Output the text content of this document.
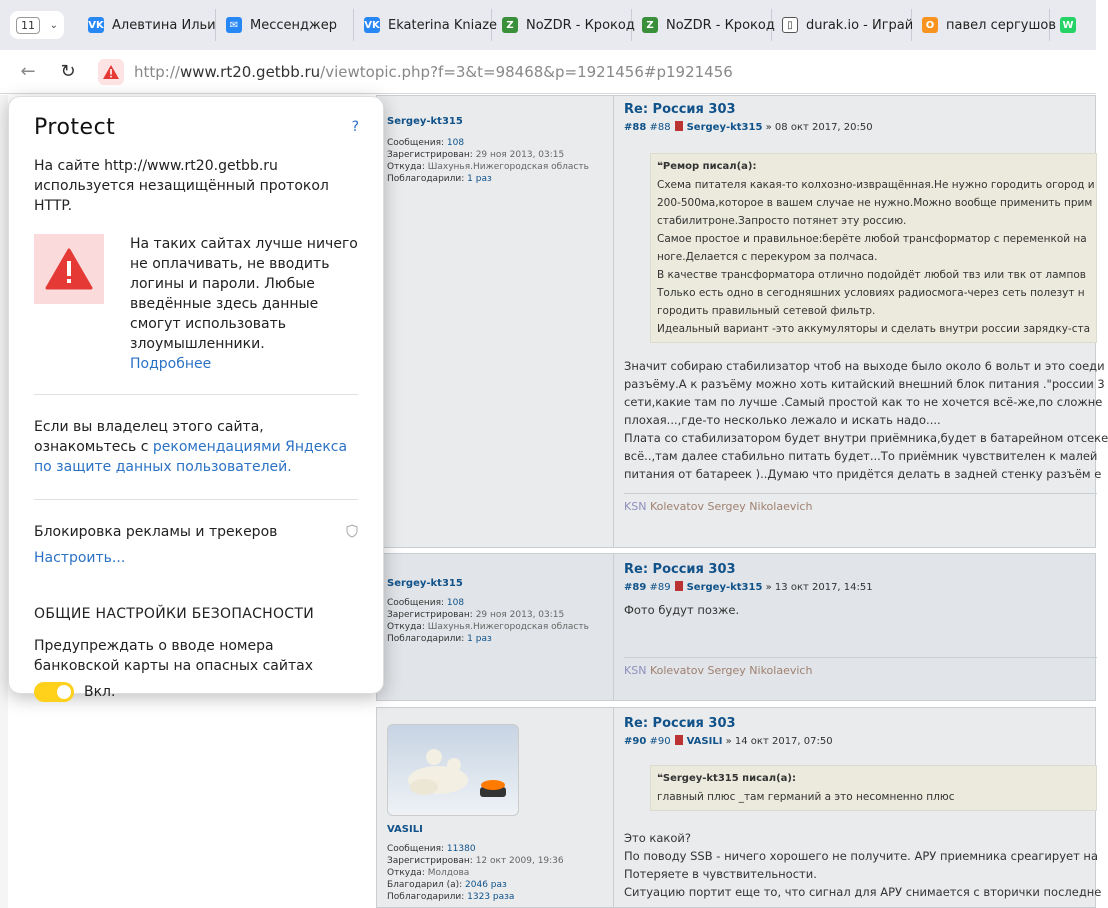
11	⌄	VK Алевтина Ильи	✉ Мессенджер	VK Ekaterina Kniaze Z NoZDR - Крокод	Z NoZDR - Крокод	▯	durak.io - Играй	О павел сергушов W
←	↻	http://www.rt20.getbb.ru/viewtopic.php?f=3&t=98468&p=1921456#p1921456
Sergey-kt315
Сообщения: 108
Зарегистрирован: 29 ноя 2013, 03:15
Откуда: Шахунья.Нижегородская область
Поблагодарили: 1 раз
Re: Россия 303
#88 #88 Sergey-kt315 » 08 окт 2017, 20:50
❝Ремор писал(а):
Схема питателя какая-то колхозно-извращённая.Не нужно городить огород и
200-500ма,которое в вашем случае не нужно.Можно вообще применить прим
стабилитроне.Запросто потянет эту россию.
Самое простое и правильное:берёте любой трансформатор с переменкой на
ноге.Делается с перекуром за полчаса.
В качестве трансформатора отлично подойдёт любой твз или твк от лампов
Только есть одно в сегодняшних условиях радиосмога-через сеть полезут н
городить правильный сетевой фильтр.
Идеальный вариант -это аккумуляторы и сделать внутри россии зарядку-ста
Значит собираю стабилизатор чтоб на выходе было около 6 вольт и это соеди
разъёму.А к разъёму можно хоть китайский внешний блок питания ."россии 3
сети,какие там по лучше .Самый простой как то не хочется всё-же,по сложне
плохая...,где-то несколько лежало и искать надо....
Плата со стабилизатором будет внутри приёмника,будет в батарейном отсеке
всё..,там далее стабильно питать будет...То приёмник чувствителен к малей
питания от батареек )..Думаю что придётся делать в задней стенку разъём е
KSN Kolevatov Sergey Nikolaevich
Sergey-kt315
Сообщения: 108
Зарегистрирован: 29 ноя 2013, 03:15
Откуда: Шахунья.Нижегородская область
Поблагодарили: 1 раз
Re: Россия 303
#89 #89 Sergey-kt315 » 13 окт 2017, 14:51
Фото будут позже.
KSN Kolevatov Sergey Nikolaevich
VASILI
Сообщения: 11380
Зарегистрирован: 12 окт 2009, 19:36
Откуда: Молдова
Благодарил (а): 2046 раз
Поблагодарили: 1323 раза
Re: Россия 303
#90 #90 VASILI » 14 окт 2017, 07:50
❝Sergey-kt315 писал(а):
главный плюс _там германий а это несомненно плюс
Это какой?
По поводу SSB - ничего хорошего не получите. АРУ приемника среагирует на
Потеряете в чувствительности.
Ситуацию портит еще то, что сигнал для АРУ снимается с вторички последне
Protect	?

На сайте http://www.rt20.getbb.ru используется незащищённый протокол HTTP.

На таких сайтах лучше ничего не оплачивать, не вводить логины и пароли. Любые введённые здесь данные смогут использовать злоумышленники.

Подробнее

Если вы владелец этого сайта, ознакомьтесь с рекомендациями Яндекса по защите данных пользователей.

Блокировка рекламы и трекеров

Настроить...
ОБЩИЕ НАСТРОЙКИ БЕЗОПАСНОСТИ

Предупреждать о вводе номера банковской карты на опасных сайтах

Вкл.
